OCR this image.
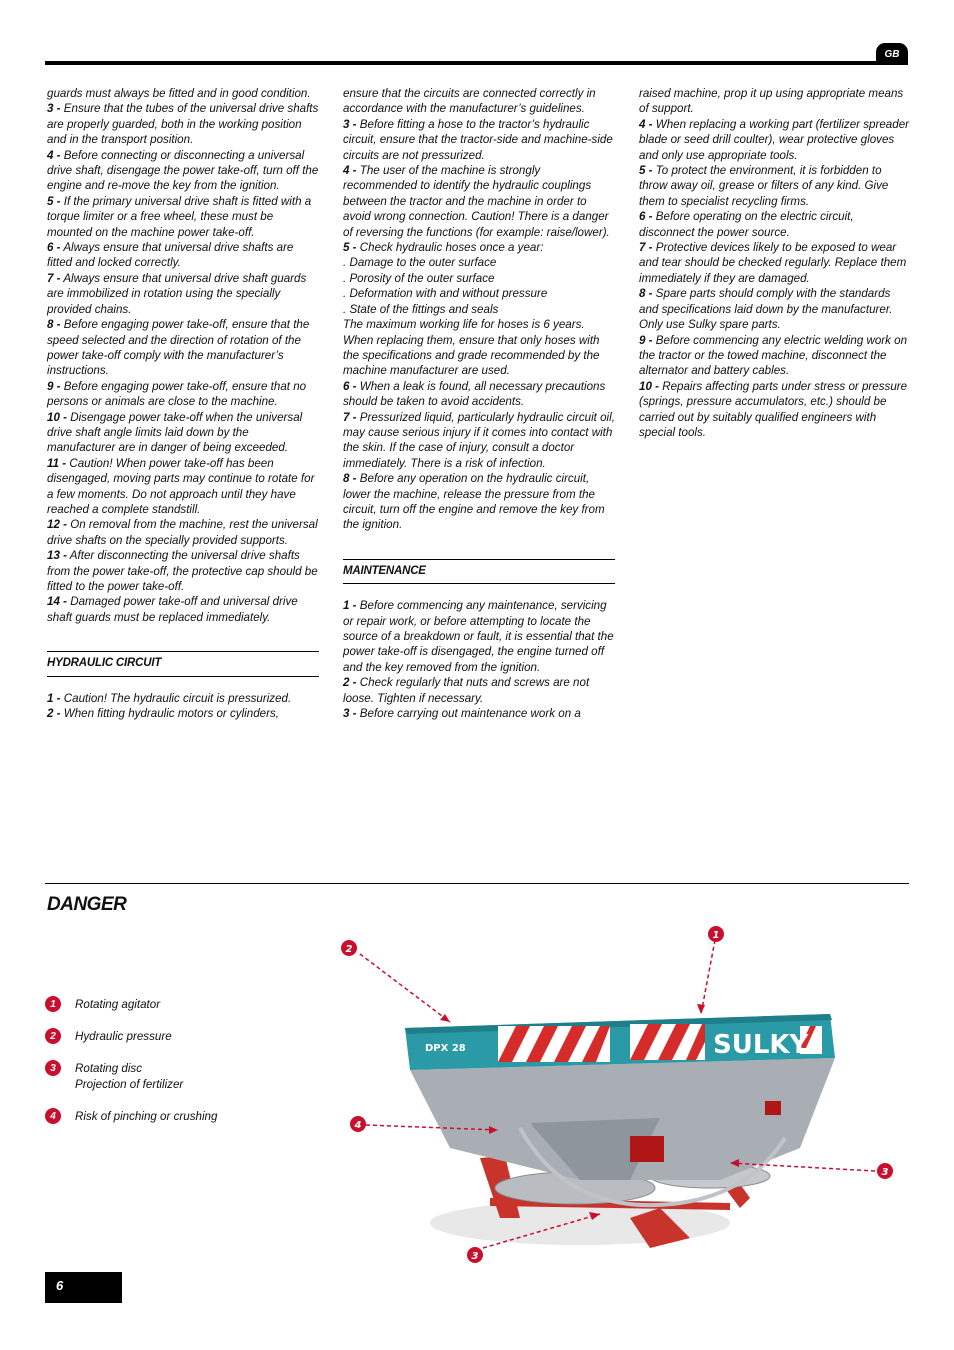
GB

guards must always be fitted and in good condition.

3 - Ensure that the tubes of the universal drive shafts are properly guarded, both in the working position and in the transport position.

4 - Before connecting or disconnecting a universal drive shaft, disengage the power take-off, turn off the engine and re-move the key from the ignition.

5 - If the primary universal drive shaft is fitted with a torque limiter or a free wheel, these must be mounted on the machine power take-off.

6 - Always ensure that universal drive shafts are fitted and locked correctly.

7 - Always ensure that universal drive shaft guards are immobilized in rotation using the specially provided chains.

8 - Before engaging power take-off, ensure that the speed selected and the direction of rotation of the power take-off comply with the manufacturer’s instructions.

9 - Before engaging power take-off, ensure that no persons or animals are close to the machine.

10 - Disengage power take-off when the universal drive shaft angle limits laid down by the manufacturer are in danger of being exceeded.

11 - Caution! When power take-off has been disengaged, moving parts may continue to rotate for a few moments. Do not approach until they have reached a complete standstill.

12 - On removal from the machine, rest the universal drive shafts on the specially provided supports.

13 - After disconnecting the universal drive shafts from the power take-off, the protective cap should be fitted to the power take-off.

14 - Damaged power take-off and universal drive shaft guards must be replaced immediately.

HYDRAULIC CIRCUIT

1 - Caution! The hydraulic circuit is pressurized.

2 - When fitting hydraulic motors or cylinders,

ensure that the circuits are connected correctly in accordance with the manufacturer’s guidelines.

3 - Before fitting a hose to the tractor’s hydraulic circuit, ensure that the tractor-side and machine-side circuits are not pressurized.

4 - The user of the machine is strongly recommended to identify the hydraulic couplings between the tractor and the machine in order to avoid wrong connection. Caution! There is a danger of reversing the functions (for example: raise/lower).

5 - Check hydraulic hoses once a year:

. Damage to the outer surface

. Porosity of the outer surface

. Deformation with and without pressure

. State of the fittings and seals

The maximum working life for hoses is 6 years. When replacing them, ensure that only hoses with the specifications and grade recommended by the machine manufacturer are used.

6 - When a leak is found, all necessary precautions should be taken to avoid accidents.

7 - Pressurized liquid, particularly hydraulic circuit oil, may cause serious injury if it comes into contact with the skin. If the case of injury, consult a doctor immediately. There is a risk of infection.

8 - Before any operation on the hydraulic circuit, lower the machine, release the pressure from the circuit, turn off the engine and remove the key from the ignition.

MAINTENANCE

1 - Before commencing any maintenance, servicing or repair work, or before attempting to locate the source of a breakdown or fault, it is essential that the power take-off is disengaged, the engine turned off and the key removed from the ignition.

2 - Check regularly that nuts and screws are not loose. Tighten if necessary.

3 - Before carrying out maintenance work on a

raised machine, prop it up using appropriate means of support.

4 - When replacing a working part (fertilizer spreader blade or seed drill coulter), wear protective gloves and only use appropriate tools.

5 - To protect the environment, it is forbidden to throw away oil, grease or filters of any kind. Give them to specialist recycling firms.

6 - Before operating on the electric circuit, disconnect the power source.

7 - Protective devices likely to be exposed to wear and tear should be checked regularly. Replace them immediately if they are damaged.

8 - Spare parts should comply with the standards and specifications laid down by the manufacturer. Only use Sulky spare parts.

9 - Before commencing any electric welding work on the tractor or the towed machine, disconnect the alternator and battery cables.

10 - Repairs affecting parts under stress or pressure (springs, pressure accumulators, etc.) should be carried out by suitably qualified engineers with special tools.

DANGER
1	Rotating agitator
2	Hydraulic pressure
3	Rotating disc
Projection of fertilizer
4	Risk of pinching or crushing
SULKY
DPX 28
2
1
4
3
3
6
